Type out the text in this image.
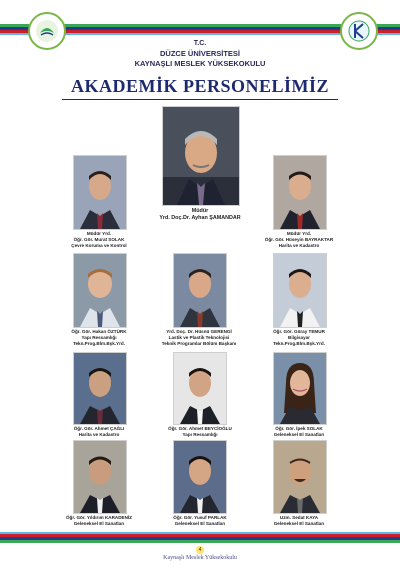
T.C.
DÜZCE ÜNİVERSİTESİ
KAYNAŞLI MESLEK YÜKSEKOKULU
AKADEMİK PERSONELİMİZ
Müdür
Yrd. Doç.Dr. Ayhan ŞAMANDAR
Müdür Yrd.
Öğr. Gör. Murat SOLAK
Çevre Koruma ve Kontrol
Müdür Yrd.
Öğr. Gör. Hüseyin BAYRAKTAR
Harita ve Kadastro
Öğr. Gör. Hakan ÖZTÜRK
Yapı Ressamlığı
Tekn.Prog.Blm.Bşk.Yrd.
Yrd. Doç. Dr. Hüsnü GERENGİ
Lastik ve Plastik Teknolojisi
Teknik Programlar Bölüm Başkanı
Öğr. Gör. Güray TEMUR
Bilgisayar
Tekn.Prog.Blm.Bşk.Yrd.
Öğr. Gör. Ahmet ÇAĞLI
Harita ve Kadastro
Öğr. Gör. Ahmet BEYCİOĞLU
Yapı Ressamlığı
Öğr. Gör. İpek SOLAK
Geleneksel El Sanatları
Öğr. Gör. Yıldırım KARADENİZ
Geleneksel El Sanatları
Öğr. Gör. Yusuf PARLAK
Geleneksel El Sanatları
Uzm. Sedat KAYA
Geleneksel El Sanatları
4
Kaynaşlı Meslek Yüksekokulu
